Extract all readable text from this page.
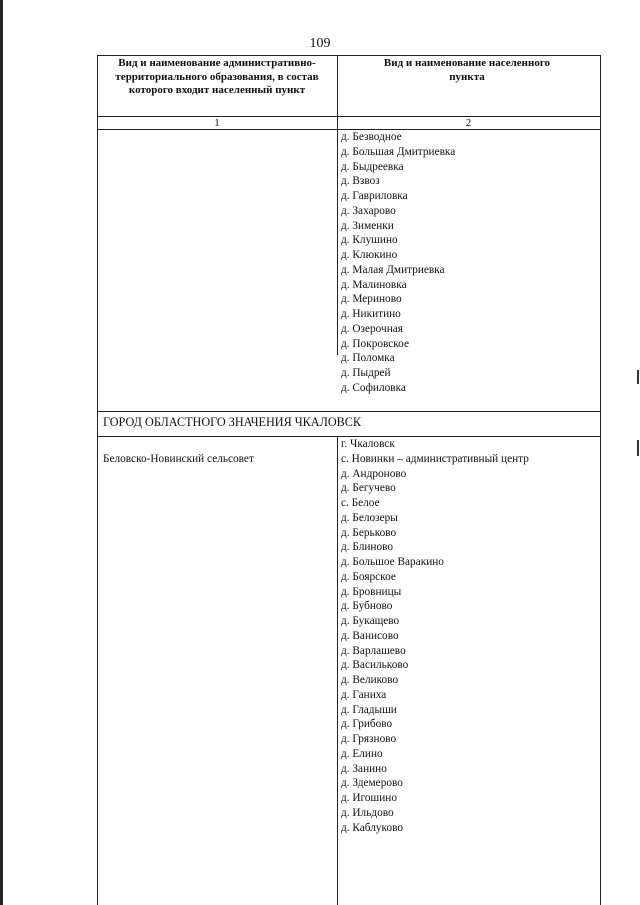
109
Вид и наименование административно-территориального образования, в состав которого входит населенный пункт
Вид и наименование населенного пункта
1	2
д. Безводное
д. Большая Дмитриевка
д. Быдреевка
д. Взвоз
д. Гавриловка
д. Захарово
д. Зименки
д. Клушино
д. Клюкино
д. Малая Дмитриевка
д. Малиновка
д. Мериново
д. Никитино
д. Озерочная
д. Покровское
д. Поломка
д. Пыдрей
д. Софиловка
ГОРОД ОБЛАСТНОГО ЗНАЧЕНИЯ ЧКАЛОВСК
Беловско-Новинский сельсовет
г. Чкаловск
с. Новинки – административный центр
д. Андроново
д. Бегучево
с. Белое
д. Белозеры
д. Берьково
д. Блиново
д. Большое Варакино
д. Боярское
д. Бровницы
д. Бубново
д. Букащево
д. Ванисово
д. Варлашево
д. Васильково
д. Великово
д. Ганиха
д. Гладыши
д. Грибово
д. Грязново
д. Елино
д. Занино
д. Здемерово
д. Игошино
д. Ильдово
д. Каблуково
